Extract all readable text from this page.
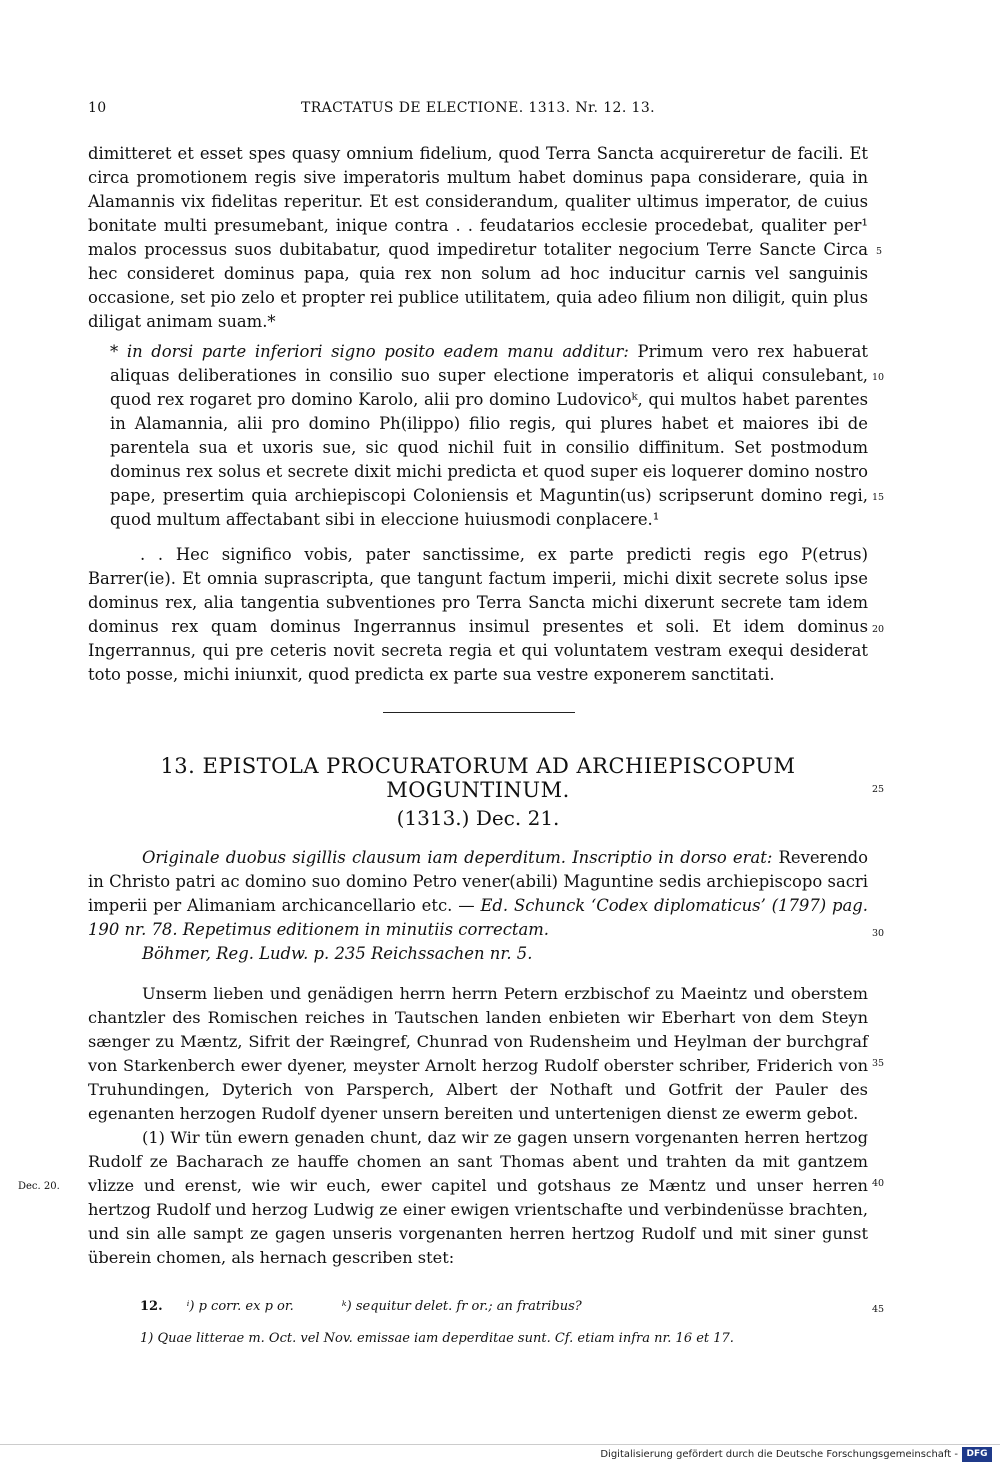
10	TRACTATUS DE ELECTIONE. 1313. Nr. 12. 13.
dimitteret et esset spes quasy omnium fidelium, quod Terra Sancta acquireretur de facili. Et circa promotionem regis sive imperatoris multum habet dominus papa considerare, quia in Alamannis vix fidelitas reperitur. Et est considerandum, qualiter ultimus imperator, de cuius bonitate multi presumebant, inique contra . . feudatarios ecclesie procedebat, qualiter per¹ malos processus suos dubitabatur, quod impediretur totaliter negocium Terre Sancte Circa hec consideret dominus papa, quia rex non solum ad hoc inducitur carnis vel sanguinis occasione, set pio zelo et propter rei publice utilitatem, quia adeo filium non diligit, quin plus diligat animam suam.*
* in dorsi parte inferiori signo posito eadem manu additur: Primum vero rex habuerat aliquas deliberationes in consilio suo super electione imperatoris et aliqui consulebant, quod rex rogaret pro domino Karolo, alii pro domino Ludovicoᵏ, qui multos habet parentes in Alamannia, alii pro domino Ph(ilippo) filio regis, qui plures habet et maiores ibi de parentela sua et uxoris sue, sic quod nichil fuit in consilio diffinitum. Set postmodum dominus rex solus et secrete dixit michi predicta et quod super eis loquerer domino nostro pape, presertim quia archiepiscopi Coloniensis et Maguntin(us) scripserunt domino regi, quod multum affectabant sibi in eleccione huiusmodi conplacere.¹
. . Hec significo vobis, pater sanctissime, ex parte predicti regis ego P(etrus) Barrer(ie). Et omnia suprascripta, que tangunt factum imperii, michi dixit secrete solus ipse dominus rex, alia tangentia subventiones pro Terra Sancta michi dixerunt secrete tam idem dominus rex quam dominus Ingerrannus insimul presentes et soli. Et idem dominus Ingerrannus, qui pre ceteris novit secreta regia et qui voluntatem vestram exequi desiderat toto posse, michi iniunxit, quod predicta ex parte sua vestre exponerem sanctitati.
13. EPISTOLA PROCURATORUM AD ARCHIEPISCOPUM
MOGUNTINUM.
(1313.) Dec. 21.
Originale duobus sigillis clausum iam deperditum. Inscriptio in dorso erat: Reverendo in Christo patri ac domino suo domino Petro vener(abili) Maguntine sedis archiepiscopo sacri imperii per Alimaniam archicancellario etc. — Ed. Schunck ‘Codex diplomaticus’ (1797) pag. 190 nr. 78. Repetimus editionem in minutiis correctam.
Böhmer, Reg. Ludw. p. 235 Reichssachen nr. 5.
Unserm lieben und genädigen herrn herrn Petern erzbischof zu Maeintz und oberstem chantzler des Romischen reiches in Tautschen landen enbieten wir Eberhart von dem Steyn sænger zu Mæntz, Sifrit der Ræingref, Chunrad von Rudensheim und Heylman der burchgraf von Starkenberch ewer dyener, meyster Arnolt herzog Rudolf oberster schriber, Friderich von Truhundingen, Dyterich von Parsperch, Albert der Nothaft und Gotfrit der Pauler des egenanten herzogen Rudolf dyener unsern bereiten und untertenigen dienst ze ewerm gebot.
(1) Wir tün ewern genaden chunt, daz wir ze gagen unsern vorgenanten herren hertzog Rudolf ze Bacharach ze hauffe chomen an sant Thomas abent und trahten da mit gantzem vlizze und erenst, wie wir euch, ewer capitel und gotshaus ze Mæntz und unser herren hertzog Rudolf und herzog Ludwig ze einer ewigen vrientschafte und verbindenüsse brachten, und sin alle sampt ze gagen unseris vorgenanten herren hertzog Rudolf und mit siner gunst überein chomen, als hernach gescriben stet:
Dec. 20.
5
10
15
20
25
30
35
40
45
12. ⁱ) p corr. ex p or.	ᵏ) sequitur delet. fr or.; an fratribus?
1) Quae litterae m. Oct. vel Nov. emissae iam deperditae sunt. Cf. etiam infra nr. 16 et 17.
Digitalisierung gefördert durch die Deutsche Forschungsgemeinschaft - DFG
